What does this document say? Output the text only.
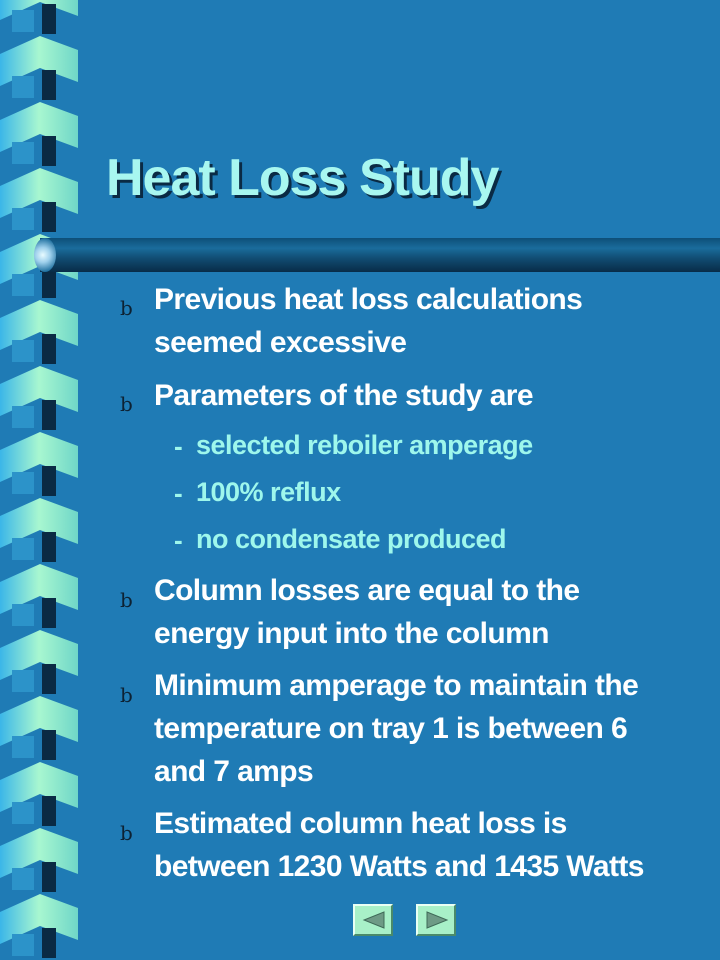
Heat Loss Study
b Previous heat loss calculations
seemed excessive
b Parameters of the study are
- selected reboiler amperage
- 100% reflux
- no condensate produced
b Column losses are equal to the
energy input into the column
b Minimum amperage to maintain the
temperature on tray 1 is between 6
and 7 amps
b Estimated column heat loss is
between 1230 Watts and 1435 Watts
